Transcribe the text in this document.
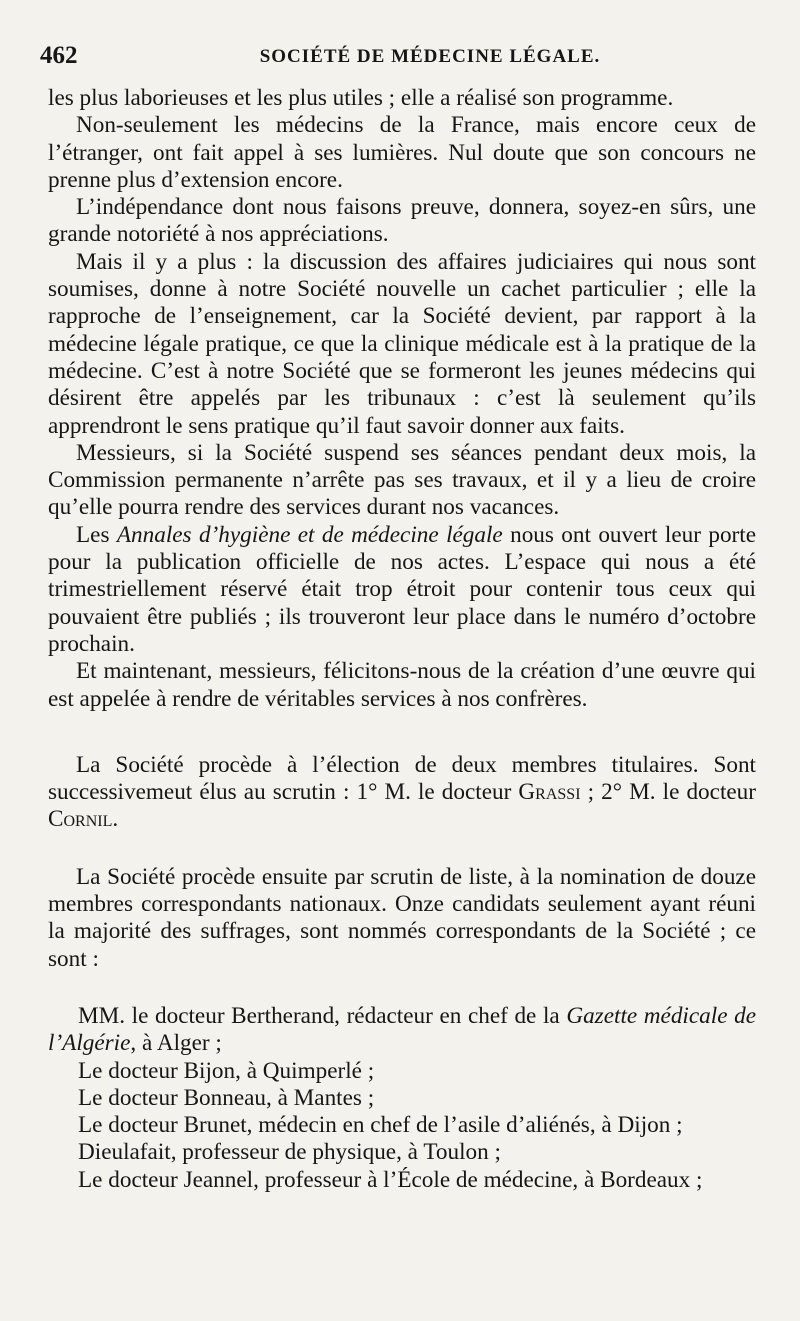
462	SOCIÉTÉ DE MÉDECINE LÉGALE.

les plus laborieuses et les plus utiles ; elle a réalisé son programme.

Non-seulement les médecins de la France, mais encore ceux de l’étranger, ont fait appel à ses lumières. Nul doute que son concours ne prenne plus d’extension encore.

L’indépendance dont nous faisons preuve, donnera, soyez-en sûrs, une grande notoriété à nos appréciations.

Mais il y a plus : la discussion des affaires judiciaires qui nous sont soumises, donne à notre Société nouvelle un cachet particulier ; elle la rapproche de l’enseignement, car la Société devient, par rapport à la médecine légale pratique, ce que la clinique médicale est à la pratique de la médecine. C’est à notre Société que se formeront les jeunes médecins qui désirent être appelés par les tribunaux : c’est là seulement qu’ils apprendront le sens pratique qu’il faut savoir donner aux faits.

Messieurs, si la Société suspend ses séances pendant deux mois, la Commission permanente n’arrête pas ses travaux, et il y a lieu de croire qu’elle pourra rendre des services durant nos vacances.

Les Annales d’hygiène et de médecine légale nous ont ouvert leur porte pour la publication officielle de nos actes. L’espace qui nous a été trimestriellement réservé était trop étroit pour contenir tous ceux qui pouvaient être publiés ; ils trouveront leur place dans le numéro d’octobre prochain.

Et maintenant, messieurs, félicitons-nous de la création d’une œuvre qui est appelée à rendre de véritables services à nos confrères.

La Société procède à l’élection de deux membres titulaires. Sont successivemeut élus au scrutin : 1° M. le docteur Grassi ; 2° M. le docteur Cornil.

La Société procède ensuite par scrutin de liste, à la nomination de douze membres correspondants nationaux. Onze candidats seulement ayant réuni la majorité des suffrages, sont nommés correspondants de la Société ; ce sont :

MM. le docteur Bertherand, rédacteur en chef de la Gazette médicale de l’Algérie, à Alger ;

Le docteur Bijon, à Quimperlé ;

Le docteur Bonneau, à Mantes ;

Le docteur Brunet, médecin en chef de l’asile d’aliénés, à Dijon ;

Dieulafait, professeur de physique, à Toulon ;

Le docteur Jeannel, professeur à l’École de médecine, à Bordeaux ;
